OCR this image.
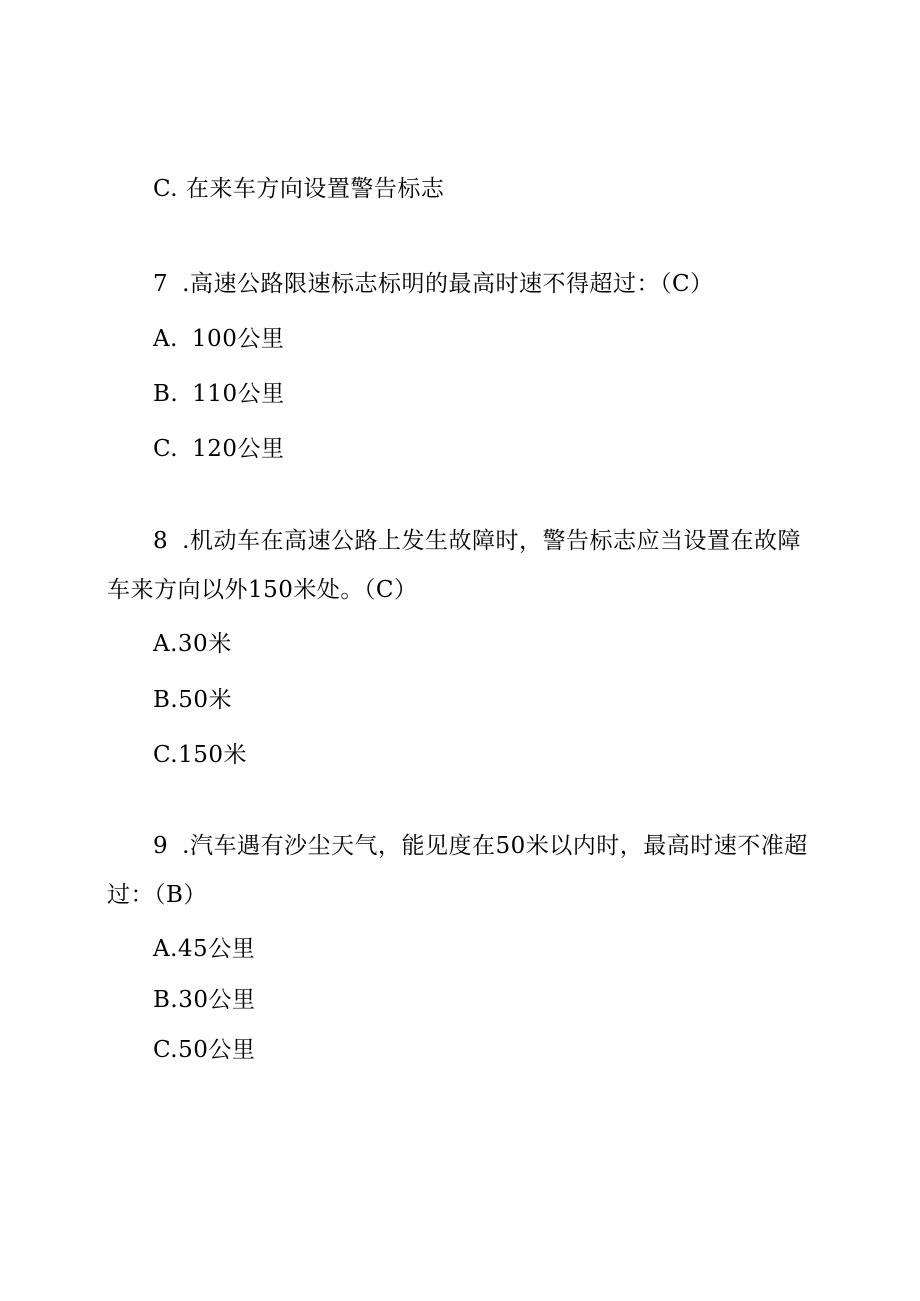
C. 在来车方向设置警告标志
7 .高速公路限速标志标明的最高时速不得超过：（C）
A. 100公里
B. 110公里
C. 120公里
8 .机动车在高速公路上发生故障时，警告标志应当设置在故障
车来方向以外150米处。（C）
A.30米
B.50米
C.150米
9 .汽车遇有沙尘天气，能见度在50米以内时，最高时速不准超
过：（B）
A.45公里
B.30公里
C.50公里
